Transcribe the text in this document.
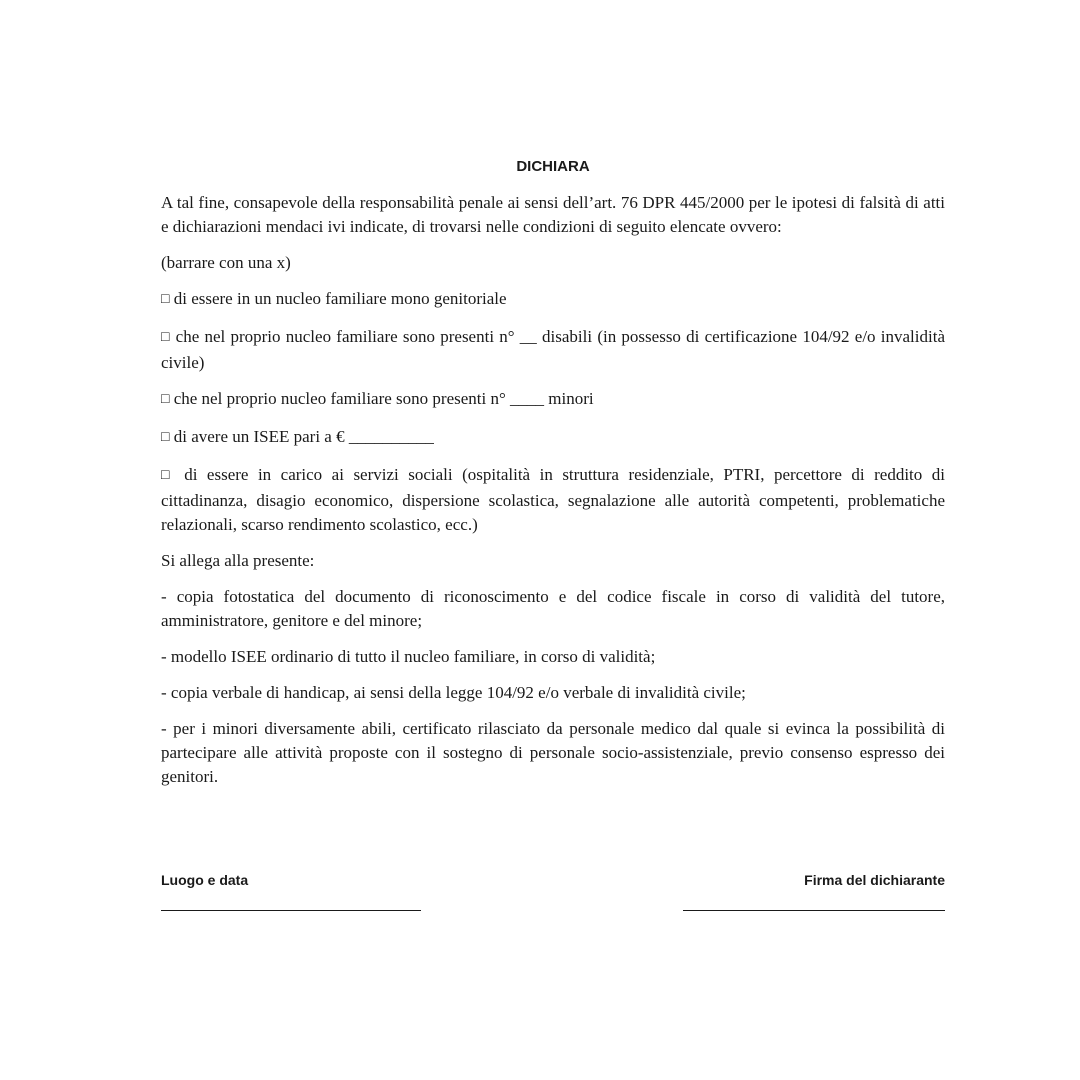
DICHIARA

A tal fine, consapevole della responsabilità penale ai sensi dell’art. 76 DPR 445/2000 per le ipotesi di falsità di atti e dichiarazioni mendaci ivi indicate, di trovarsi nelle condizioni di seguito elencate ovvero:

(barrare con una x)

□ di essere in un nucleo familiare mono genitoriale

□ che nel proprio nucleo familiare sono presenti n° __ disabili (in possesso di certificazione 104/92 e/o invalidità civile)

□ che nel proprio nucleo familiare sono presenti n° ____ minori

□ di avere un ISEE pari a € __________

□ di essere in carico ai servizi sociali (ospitalità in struttura residenziale, PTRI, percettore di reddito di cittadinanza, disagio economico, dispersione scolastica, segnalazione alle autorità competenti, problematiche relazionali, scarso rendimento scolastico, ecc.)

Si allega alla presente:

- copia fotostatica del documento di riconoscimento e del codice fiscale in corso di validità del tutore, amministratore, genitore e del minore;

- modello ISEE ordinario di tutto il nucleo familiare, in corso di validità;

- copia verbale di handicap, ai sensi della legge 104/92 e/o verbale di invalidità civile;

- per i minori diversamente abili, certificato rilasciato da personale medico dal quale si evinca la possibilità di partecipare alle attività proposte con il sostegno di personale socio-assistenziale, previo consenso espresso dei genitori.

Luogo e data	Firma del dichiarante
